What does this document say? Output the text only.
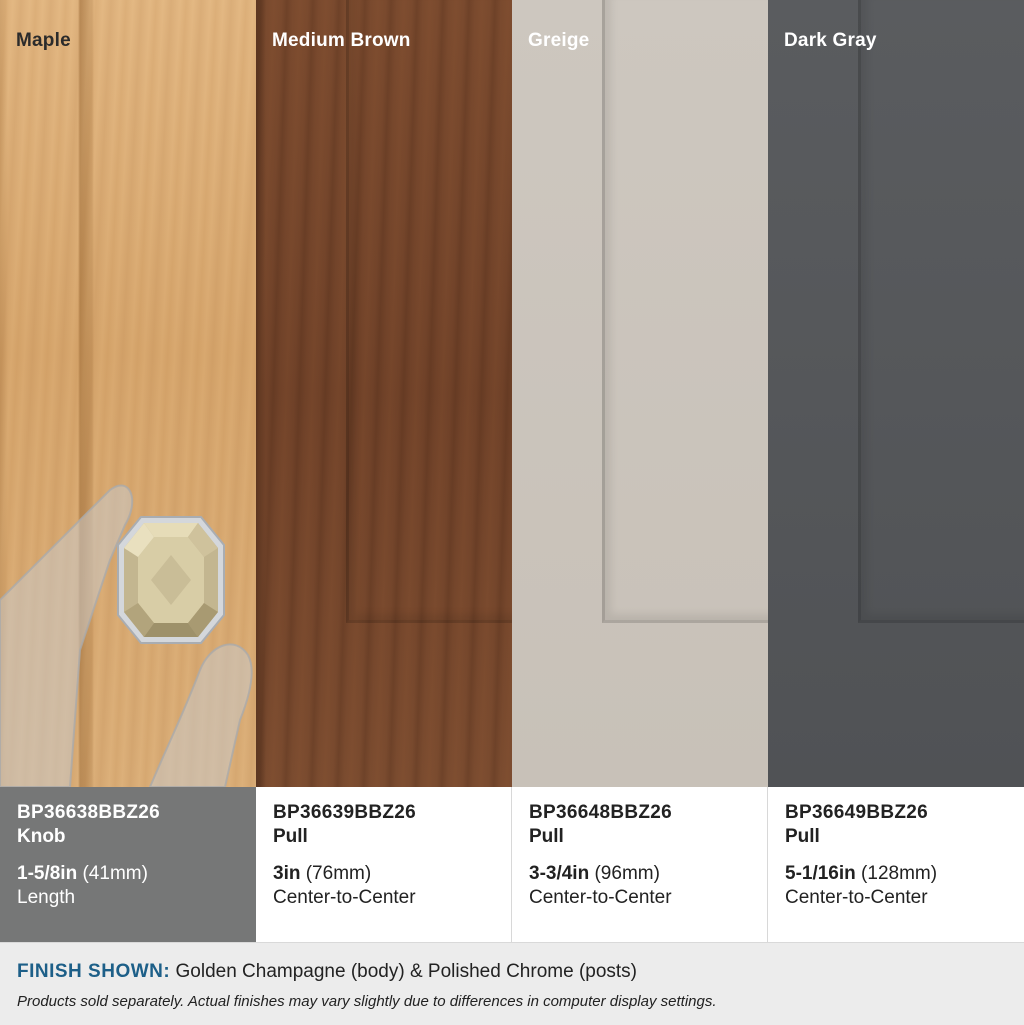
Maple	Medium Brown	Greige	Dark Gray
BP36638BBZ26
Knob
1-5/8in (41mm)
Length
BP36639BBZ26
Pull
3in (76mm)
Center-to-Center
BP36648BBZ26
Pull
3-3/4in (96mm)
Center-to-Center
BP36649BBZ26
Pull
5-1/16in (128mm)
Center-to-Center
FINISH SHOWN: Golden Champagne (body) & Polished Chrome (posts)
Products sold separately. Actual finishes may vary slightly due to differences in computer display settings.
